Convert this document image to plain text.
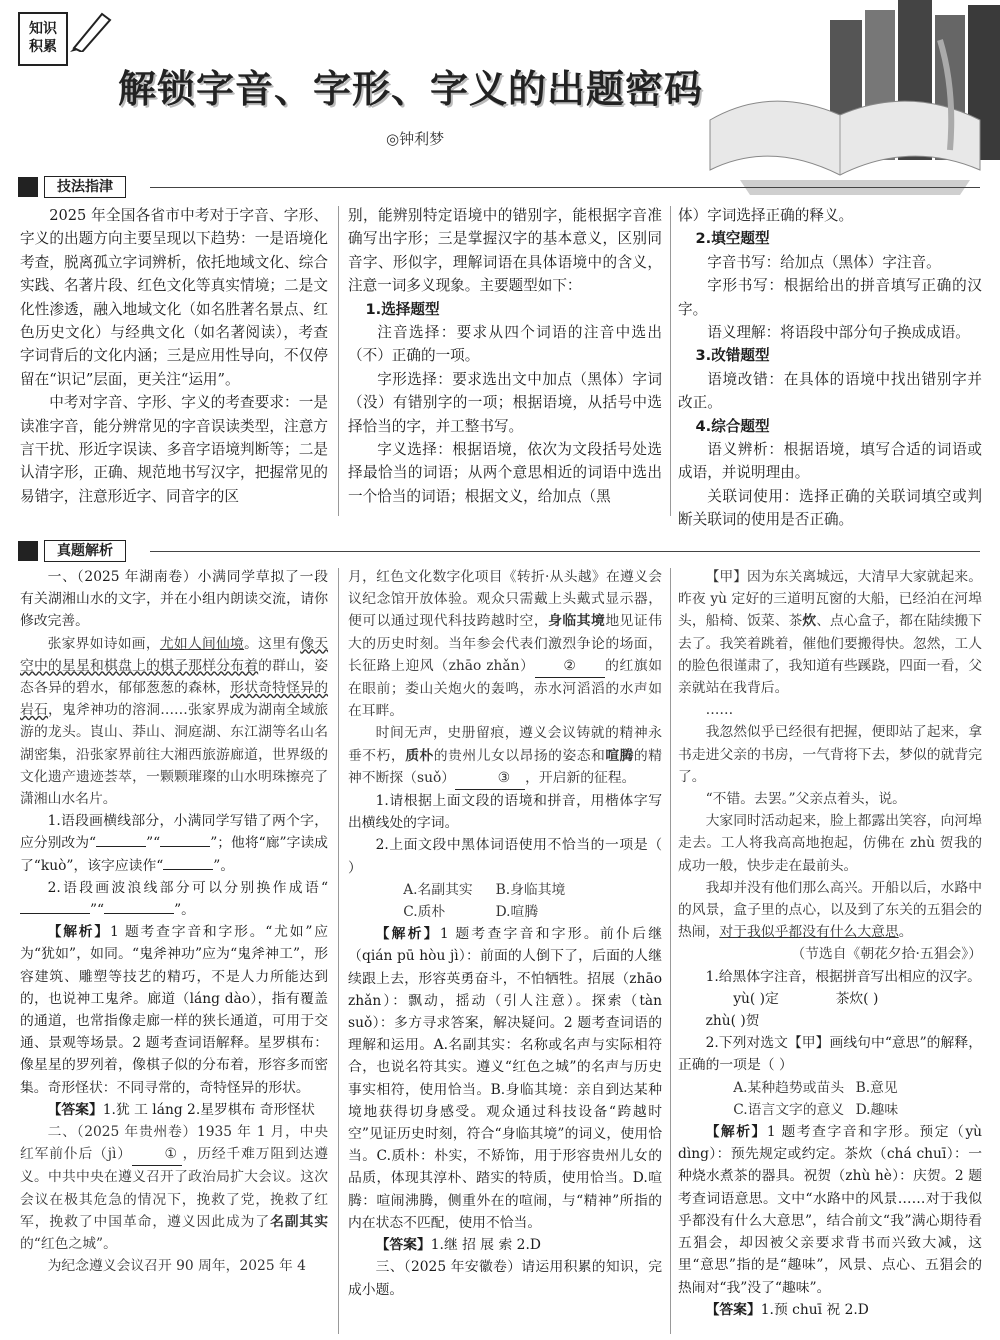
知识
积累
解锁字音、字形、字义的出题密码
◎钟利梦
技法指津

2025 年全国各省市中考对于字音、字形、字义的出题方向主要呈现以下趋势：一是语境化考查，脱离孤立字词辨析，依托地域文化、综合实践、名著片段、红色文化等真实情境；二是文化性渗透，融入地域文化（如名胜著名景点、红色历史文化）与经典文化（如名著阅读），考查字词背后的文化内涵；三是应用性导向，不仅停留在“识记”层面，更关注“运用”。

中考对字音、字形、字义的考查要求：一是读准字音，能分辨常见的字音误读类型，注意方言干扰、形近字误读、多音字语境判断等；二是认清字形，正确、规范地书写汉字，把握常见的易错字，注意形近字、同音字的区

别，能辨别特定语境中的错别字，能根据字音准确写出字形；三是掌握汉字的基本意义，区别同音字、形似字，理解词语在具体语境中的含义，注意一词多义现象。主要题型如下：

1.选择题型

注音选择：要求从四个词语的注音中选出（不）正确的一项。

字形选择：要求选出文中加点（黑体）字词（没）有错别字的一项；根据语境，从括号中选择恰当的字，并工整书写。

字义选择：根据语境，依次为文段括号处选择最恰当的词语；从两个意思相近的词语中选出一个恰当的词语；根据文义，给加点（黑

体）字词选择正确的释义。

2.填空题型

字音书写：给加点（黑体）字注音。

字形书写：根据给出的拼音填写正确的汉字。

语义理解：将语段中部分句子换成成语。

3.改错题型

语境改错：在具体的语境中找出错别字并改正。

4.综合题型

语义辨析：根据语境，填写合适的词语或成语，并说明理由。

关联词使用：选择正确的关联词填空或判断关联词的使用是否正确。

真题解析

一、（2025 年湖南卷）小满同学草拟了一段有关湖湘山水的文字，并在小组内朗读交流，请你修改完善。

张家界如诗如画，尤如人间仙境。这里有像天空中的星星和棋盘上的棋子那样分布着的群山，姿态各异的碧水，郁郁葱葱的森林，形状奇特怪异的岩石，鬼斧神功的溶洞……张家界成为湖南全域旅游的龙头。崀山、莽山、洞庭湖、东江湖等名山名湖密集，沿张家界前往大湘西旅游廊道，世界级的文化遗产遗迹荟萃，一颗颗璀璨的山水明珠擦亮了潇湘山水名片。

1.语段画横线部分，小满同学写错了两个字，应分别改为“	”“	”；他将“廊”字读成了“kuò”，该字应读作“	”。

2.语段画波浪线部分可以分别换作成语“”“	”。

【解析】1 题考查字音和字形。“尤如”应为“犹如”，如同。“鬼斧神功”应为“鬼斧神工”，形容建筑、雕塑等技艺的精巧，不是人力所能达到的，也说神工鬼斧。廊道（láng dào），指有覆盖的通道，也常指像走廊一样的狭长通道，可用于交通、景观等场景。2 题考查词语解释。星罗棋布：像星星的罗列着，像棋子似的分布着，形容多而密集。奇形怪状：不同寻常的，奇特怪异的形状。

【答案】1.犹 工 láng 2.星罗棋布 奇形怪状

二、（2025 年贵州卷）1935 年 1 月，中央红军前仆后（jì） ① ，历经千难万阻到达遵义。中共中央在遵义召开了政治局扩大会议。这次会议在极其危急的情况下，挽救了党，挽救了红军，挽救了中国革命，遵义因此成为了名副其实的“红色之城”。

为纪念遵义会议召开 90 周年，2025 年 4

月，红色文化数字化项目《转折·从头越》在遵义会议纪念馆开放体验。观众只需戴上头戴式显示器，便可以通过现代科技跨越时空，身临其境地见证伟大的历史时刻。当年参会代表们激烈争论的场面，长征路上迎风（zhāo zhǎn） ② 的红旗如在眼前；娄山关炮火的轰鸣，赤水河滔滔的水声如在耳畔。

时间无声，史册留痕，遵义会议铸就的精神永垂不朽，质朴的贵州儿女以昂扬的姿态和喧腾的精神不断探（suǒ）	③ ，开启新的征程。

1.请根据上面文段的语境和拼音，用楷体字写出横线处的字词。

2.上面文段中黑体词语使用不恰当的一项是（ ）

A.名副其实 B.身临其境
C.质朴	D.喧腾

【解析】1 题考查字音和字形。前仆后继（qián pū hòu jì）：前面的人倒下了，后面的人继续跟上去，形容英勇奋斗，不怕牺牲。招展（zhāo zhǎn）：飘动，摇动（引人注意）。探索（tàn suǒ）：多方寻求答案，解决疑问。2 题考查词语的理解和运用。A.名副其实：名称或名声与实际相符合，也说名符其实。遵义“红色之城”的名声与历史事实相符，使用恰当。B.身临其境：亲自到达某种境地获得切身感受。观众通过科技设备“跨越时空”见证历史时刻，符合“身临其境”的词义，使用恰当。C.质朴：朴实，不矫饰，用于形容贵州儿女的品质，体现其淳朴、踏实的特质，使用恰当。D.喧腾：喧闹沸腾，侧重外在的喧闹，与“精神”所指的内在状态不匹配，使用不恰当。

【答案】1.继 招 展 索 2.D

三、（2025 年安徽卷）请运用积累的知识，完成小题。

【甲】因为东关离城远，大清早大家就起来。昨夜 yù 定好的三道明瓦窗的大船，已经泊在河埠头，船椅、饭菜、茶炊、点心盒子，都在陆续搬下去了。我笑着跳着，催他们要搬得快。忽然，工人的脸色很谨肃了，我知道有些蹊跷，四面一看，父亲就站在我背后。

……

我忽然似乎已经很有把握，便即站了起来，拿书走进父亲的书房，一气背将下去，梦似的就背完了。

“不错。去罢。”父亲点着头，说。

大家同时活动起来，脸上都露出笑容，向河埠走去。工人将我高高地抱起，仿佛在 zhù 贺我的成功一般，快步走在最前头。

我却并没有他们那么高兴。开船以后，水路中的风景，盒子里的点心，以及到了东关的五猖会的热闹，对于我似乎都没有什么大意思。

（节选自《朝花夕拾·五猖会》）

1.给黑体字注音，根据拼音写出相应的汉字。

yù( )定	茶炊( )
zhù( )贺

2.下列对选文【甲】画线句中“意思”的解释，正确的一项是（ ）

A.某种趋势或苗头 B.意见
C.语言文字的意义 D.趣味

【解析】1 题考查字音和字形。预定（yù dìng）：预先规定或约定。茶炊（chá chuī）：一种烧水煮茶的器具。祝贺（zhù hè）：庆贺。2 题考查词语意思。文中“水路中的风景……对于我似乎都没有什么大意思”，结合前文“我”满心期待看五猖会，却因被父亲要求背书而兴致大减，这里“意思”指的是“趣味”，风景、点心、五猖会的热闹对“我”没了“趣味”。

【答案】1.预 chuī 祝 2.D
